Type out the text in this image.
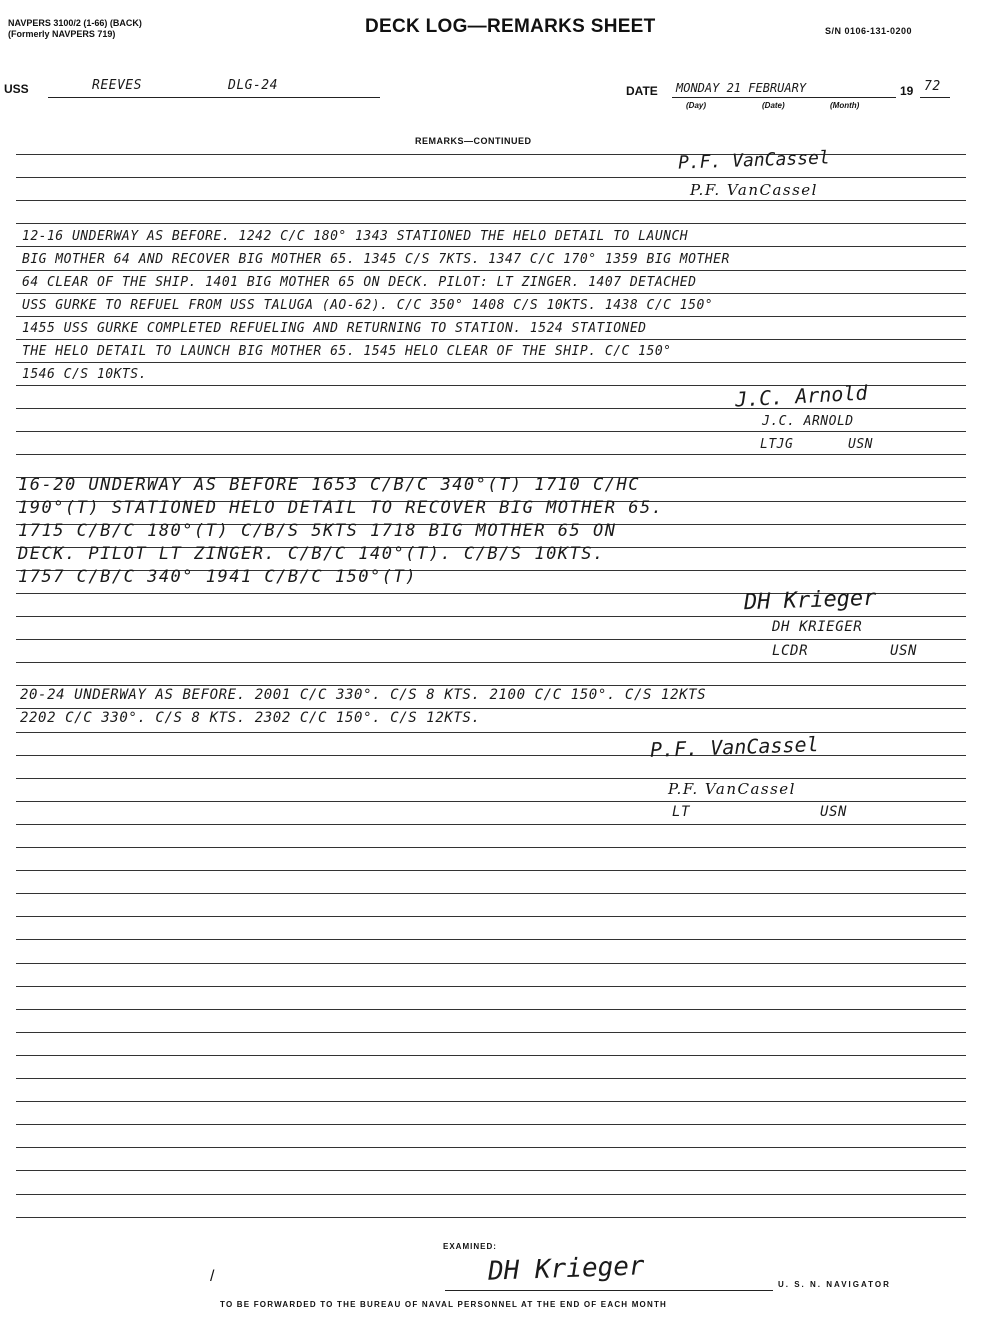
NAVPERS 3100/2 (1-66) (BACK)
(Formerly NAVPERS 719)	DECK LOG—REMARKS SHEET	S/N 0106-131-0200
USS	REEVES	DLG-24	DATE MONDAY 21 FEBRUARY	19 72
(Day)	(Date)	(Month)
REMARKS—CONTINUED
P.F. VanCassel
P.F. VanCassel
12-16 UNDERWAY AS BEFORE. 1242 C/C 180° 1343 STATIONED THE HELO DETAIL TO LAUNCH
BIG MOTHER 64 AND RECOVER BIG MOTHER 65. 1345 C/S 7KTS. 1347 C/C 170° 1359 BIG MOTHER
64 CLEAR OF THE SHIP. 1401 BIG MOTHER 65 ON DECK. PILOT: LT ZINGER. 1407 DETACHED
USS GURKE TO REFUEL FROM USS TALUGA (AO-62). C/C 350° 1408 C/S 10KTS. 1438 C/C 150°
1455 USS GURKE COMPLETED REFUELING AND RETURNING TO STATION. 1524 STATIONED
THE HELO DETAIL TO LAUNCH BIG MOTHER 65. 1545 HELO CLEAR OF THE SHIP. C/C 150°
1546 C/S 10KTS.
J.C. Arnold
J.C. ARNOLD
LTJG	USN
16-20 UNDERWAY AS BEFORE 1653 C/B/C 340°(T) 1710 C/HC
190°(T) STATIONED HELO DETAIL TO RECOVER BIG MOTHER 65.
1715 C/B/C 180°(T) C/B/S 5KTS 1718 BIG MOTHER 65 ON
DECK. PILOT LT ZINGER. C/B/C 140°(T). C/B/S 10KTS.
1757 C/B/C 340° 1941 C/B/C 150°(T)
DH Krieger
DH KRIEGER
LCDR	USN
20-24 UNDERWAY AS BEFORE. 2001 C/C 330°. C/S 8 KTS. 2100 C/C 150°. C/S 12KTS
2202 C/C 330°. C/S 8 KTS. 2302 C/C 150°. C/S 12KTS.
P.F. VanCassel
P.F. VanCassel
LT	USN
EXAMINED:
/	DH Krieger	U. S. N. NAVIGATOR
TO BE FORWARDED TO THE BUREAU OF NAVAL PERSONNEL AT THE END OF EACH MONTH
